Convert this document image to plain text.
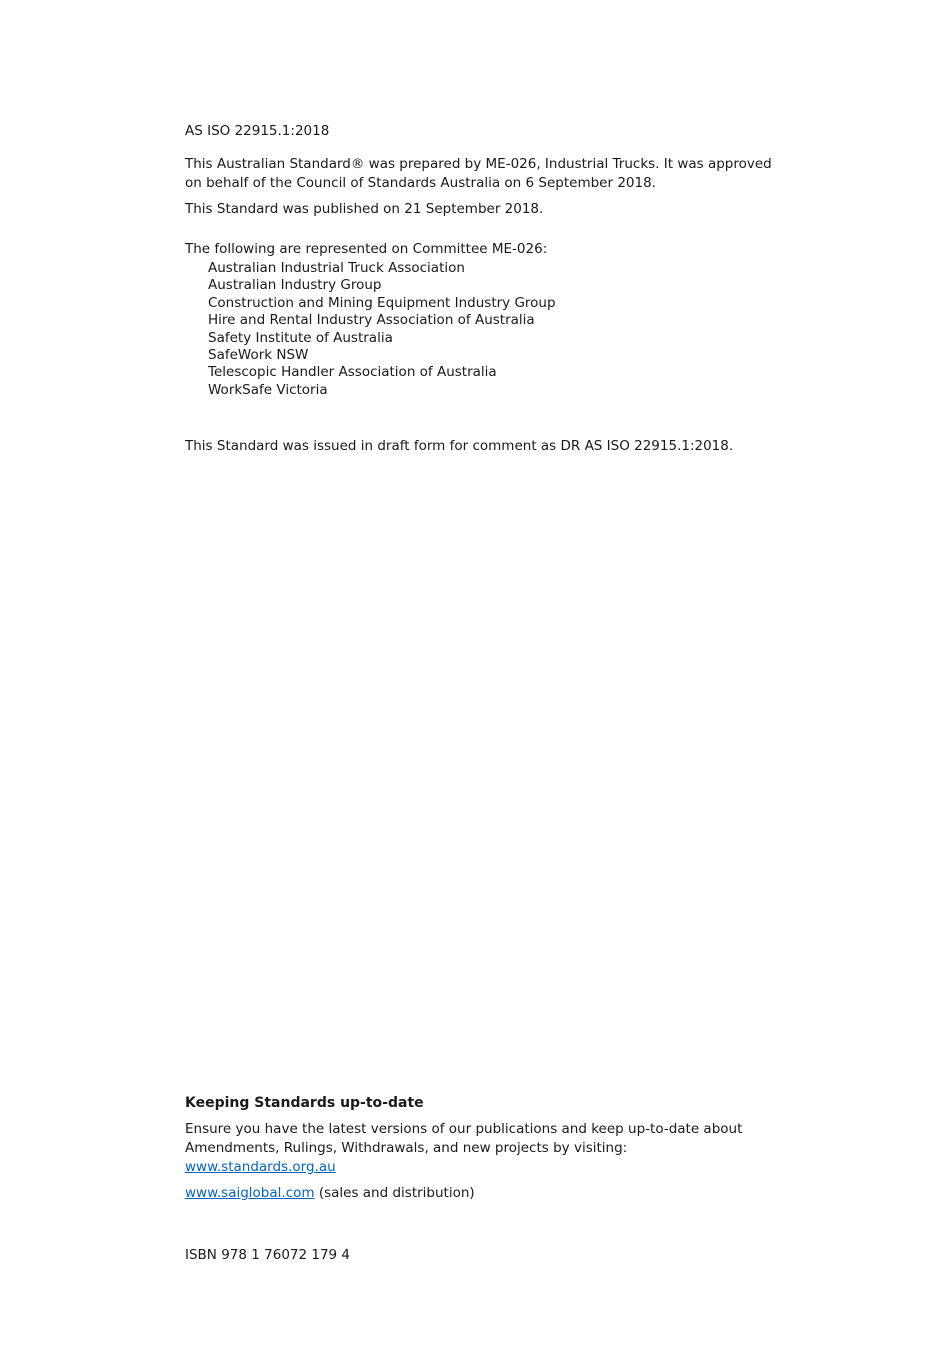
AS ISO 22915.1:2018

This Australian Standard® was prepared by ME-026, Industrial Trucks. It was approved on behalf of the Council of Standards Australia on 6 September 2018.

This Standard was published on 21 September 2018.

The following are represented on Committee ME-026:

Australian Industrial Truck Association
Australian Industry Group
Construction and Mining Equipment Industry Group
Hire and Rental Industry Association of Australia
Safety Institute of Australia
SafeWork NSW
Telescopic Handler Association of Australia
WorkSafe Victoria

This Standard was issued in draft form for comment as DR AS ISO 22915.1:2018.

Keeping Standards up-to-date

Ensure you have the latest versions of our publications and keep up-to-date about Amendments, Rulings, Withdrawals, and new projects by visiting:

www.standards.org.au
www.saiglobal.com (sales and distribution)
ISBN 978 1 76072 179 4
